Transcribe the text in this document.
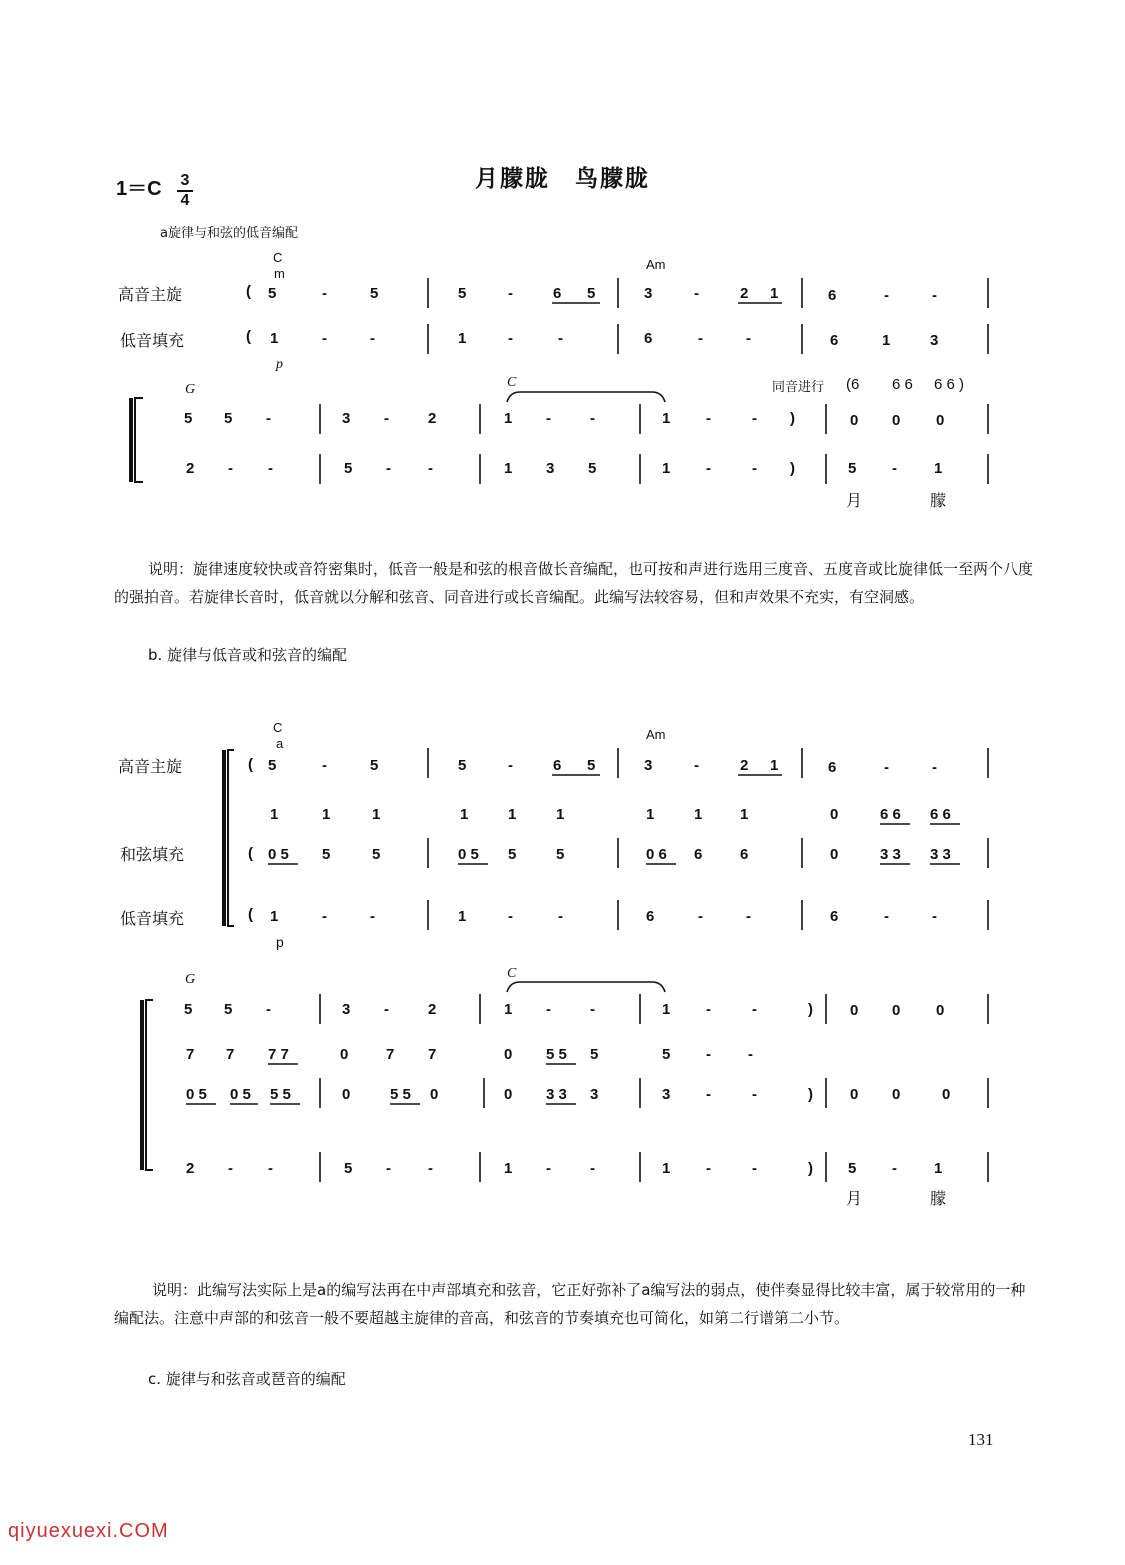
月朦胧　鸟朦胧
1＝C 3
4
a旋律与和弦的低音编配
高音主旋
低音填充
C
m
Am
G	C
p
同音进行
月	朦
( 5	-	5	5	-	6 5	3	-	2 1	6	-	-
( 1	-	-	1	-	-	6	-	-	6	1	3
5 5 -	3 -	2	1 -	-	1 -	- )	0 0 0
(6 6 6 6 6 )
2 - -	5 - -	1 3 5	1 -	- )	5 - 1
说明：旋律速度较快或音符密集时，低音一般是和弦的根音做长音编配，也可按和声进行选用三度音、五度音或比旋律低一至两个八度的强拍音。若旋律长音时，低音就以分解和弦音、同音进行或长音编配。此编写法较容易，但和声效果不充实，有空洞感。
b. 旋律与低音或和弦音的编配
高音主旋
和弦填充
低音填充
C
a
Am
G	C
p
月	朦
( 5	-	5	5	-	6 5	3	-	2 1	6	-	-
1	1	1	1	1	1	1	1	1	0	6 6 6 6
( 0 5 5	5	0 5 5	5	0 6 6	6	0	3 3 3 3
( 1	-	-	1	-	-	6	-	-	6	-	-
5 5 -	3 -	2	1 -	-	1 -	-	) 0 0 0
7 7 7 7	0	7 7	0 5 5 5	5 - -
0 5 0 5 5 5	0	5 5 0	0 3 3 3	3 -	-	) 0 0	0
2 - -	5 - -	1 -	-	1 -	-	) 5 - 1
说明：此编写法实际上是a的编写法再在中声部填充和弦音，它正好弥补了a编写法的弱点，使伴奏显得比较丰富，属于较常用的一种编配法。注意中声部的和弦音一般不要超越主旋律的音高，和弦音的节奏填充也可简化，如第二行谱第二小节。
c. 旋律与和弦音或琶音的编配
131
qiyuexuexi.COM
